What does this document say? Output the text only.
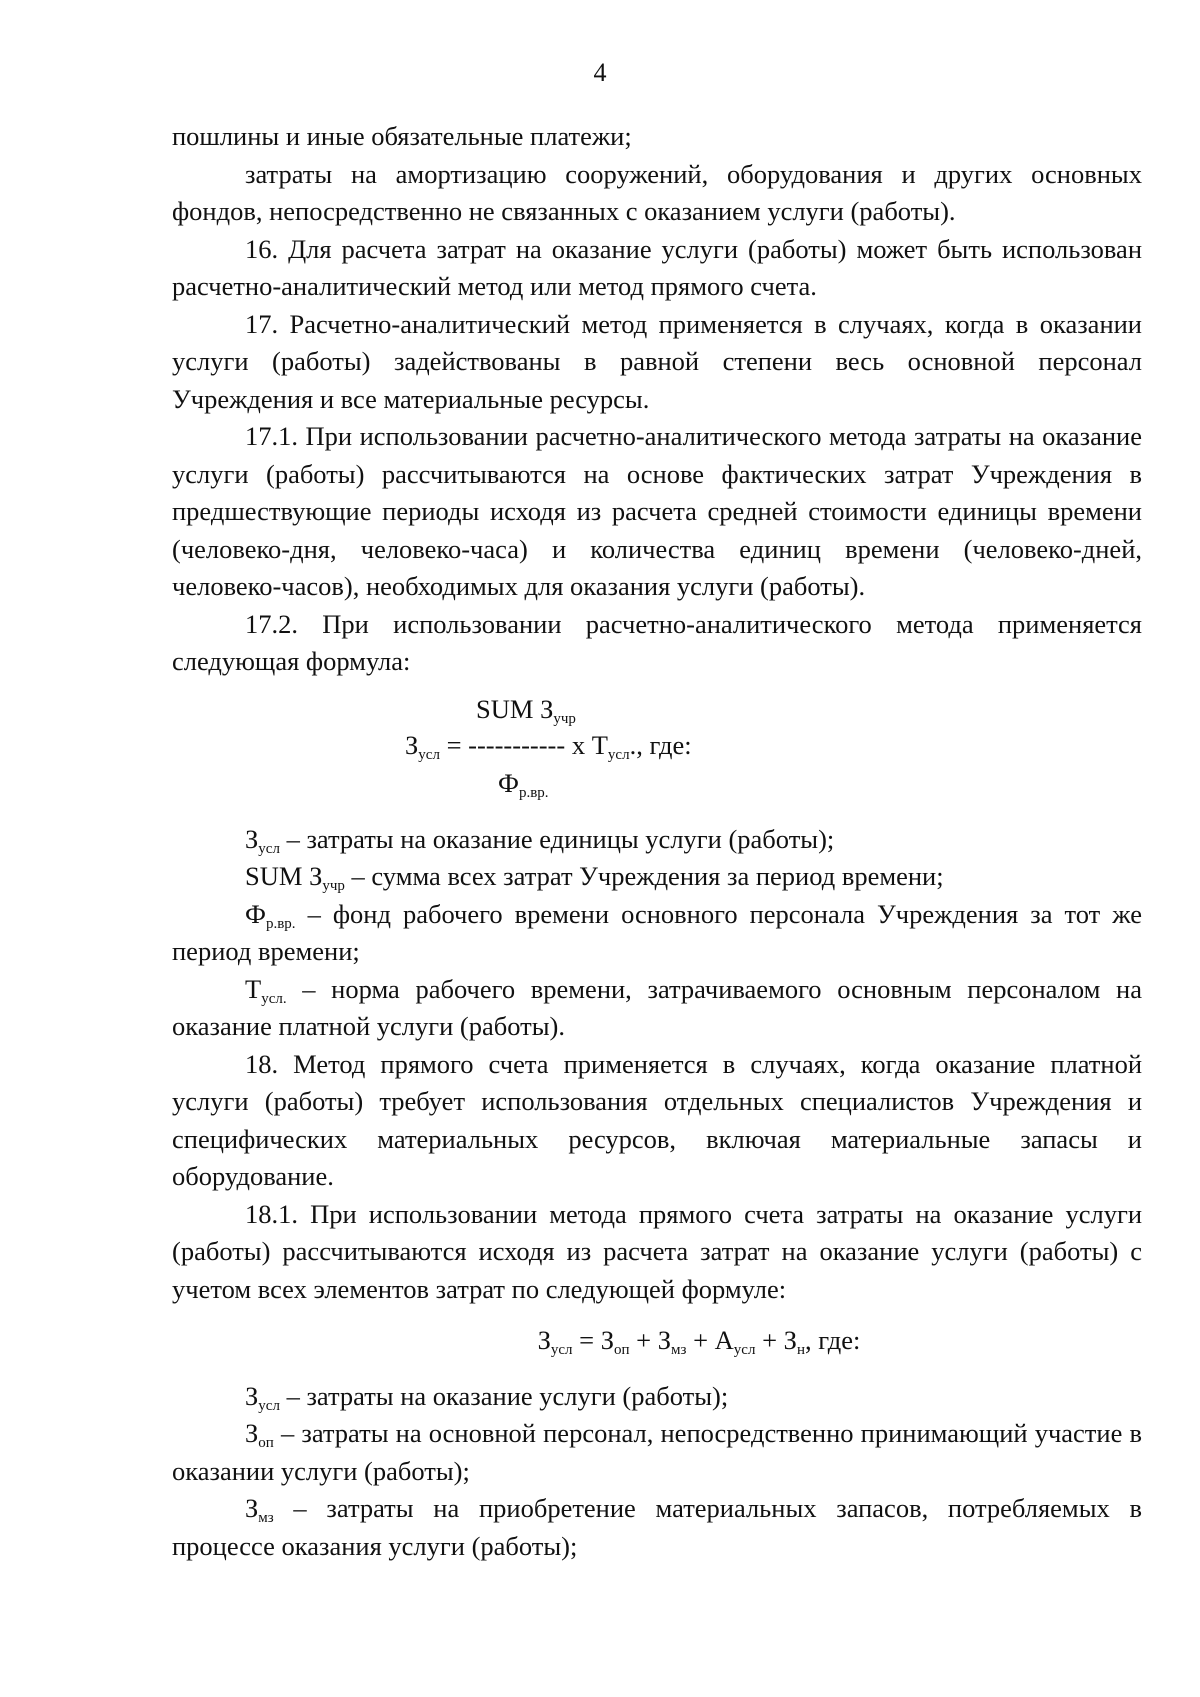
4

пошлины и иные обязательные платежи;

затраты на амортизацию сооружений, оборудования и других основных фондов, непосредственно не связанных с оказанием услуги (работы).

16. Для расчета затрат на оказание услуги (работы) может быть использован расчетно-аналитический метод или метод прямого счета.

17. Расчетно-аналитический метод применяется в случаях, когда в оказании услуги (работы) задействованы в равной степени весь основной персонал Учреждения и все материальные ресурсы.

17.1. При использовании расчетно-аналитического метода затраты на оказание услуги (работы) рассчитываются на основе фактических затрат Учреждения в предшествующие периоды исходя из расчета средней стоимости единицы времени (человеко-дня, человеко-часа) и количества единиц времени (человеко-дней, человеко-часов), необходимых для оказания услуги (работы).

17.2. При использовании расчетно-аналитического метода применяется следующая формула:

SUM $З_{учр}$
$З_{усл}$ = ----------- x $Т_{усл}$., где:
$Ф_{р.вр.}$

$З_{усл}$ – затраты на оказание единицы услуги (работы);

SUM $З_{учр}$ – сумма всех затрат Учреждения за период времени;

$Ф_{р.вр.}$ – фонд рабочего времени основного персонала Учреждения за тот же период времени;

$Т_{усл.}$ – норма рабочего времени, затрачиваемого основным персоналом на оказание платной услуги (работы).

18. Метод прямого счета применяется в случаях, когда оказание платной услуги (работы) требует использования отдельных специалистов Учреждения и специфических материальных ресурсов, включая материальные запасы и оборудование.

18.1. При использовании метода прямого счета затраты на оказание услуги (работы) рассчитываются исходя из расчета затрат на оказание услуги (работы) с учетом всех элементов затрат по следующей формуле:

$З_{усл} = З_{оп} + З_{мз} + А_{усл} + З_н$, где:

$З_{усл}$ – затраты на оказание услуги (работы);

$З_{оп}$ – затраты на основной персонал, непосредственно принимающий участие в оказании услуги (работы);

$З_{мз}$ – затраты на приобретение материальных запасов, потребляемых в процессе оказания услуги (работы);
